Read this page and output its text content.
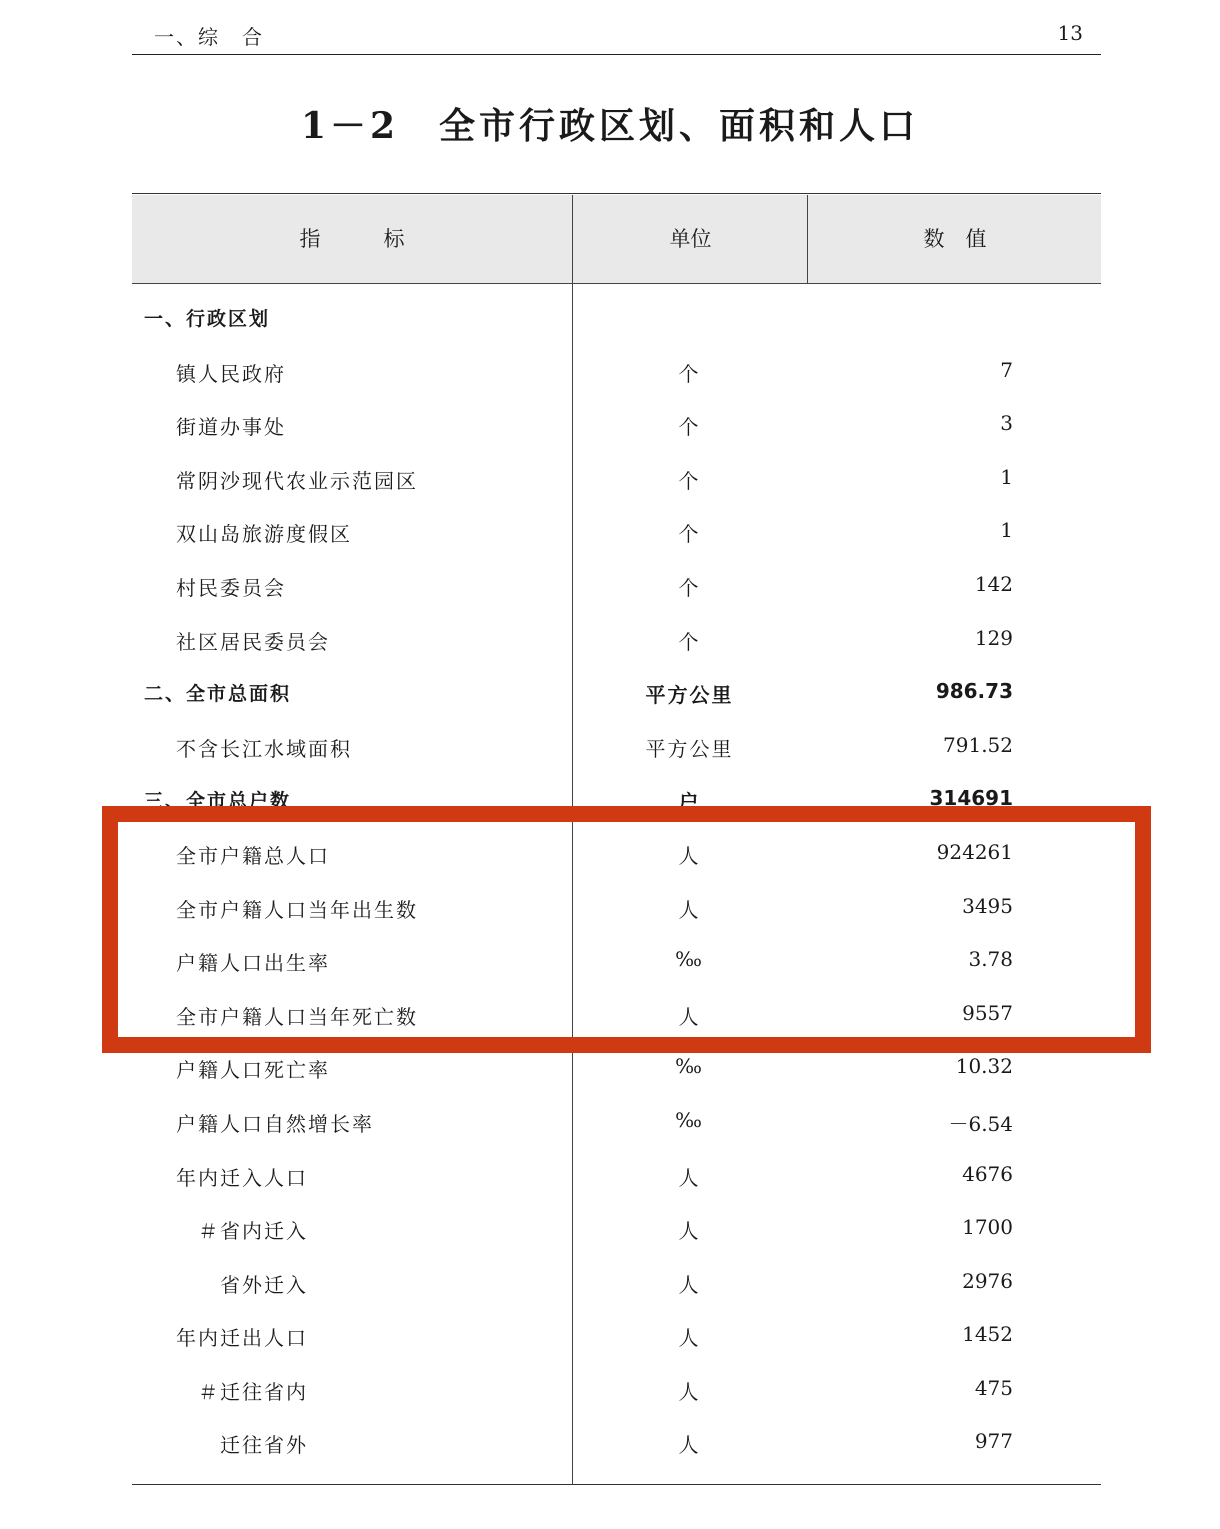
一、综　合	13
1－2　全市行政区划、面积和人口
指　　　标	单位	数　值
一、行政区划
镇人民政府	个	7
街道办事处	个	3
常阴沙现代农业示范园区	个	1
双山岛旅游度假区	个	1
村民委员会	个	142
社区居民委员会	个	129
二、全市总面积	平方公里	986.73
不含长江水域面积	平方公里	791.52
三、全市总户数	户	314691
全市户籍总人口	人	924261
全市户籍人口当年出生数	人	3495
户籍人口出生率	‰	3.78
全市户籍人口当年死亡数	人	9557
户籍人口死亡率	‰	10.32
户籍人口自然增长率	‰	－6.54
年内迁入人口	人	4676
＃省内迁入	人	1700
省外迁入	人	2976
年内迁出人口	人	1452
＃迁往省内	人	475
迁往省外	人	977
